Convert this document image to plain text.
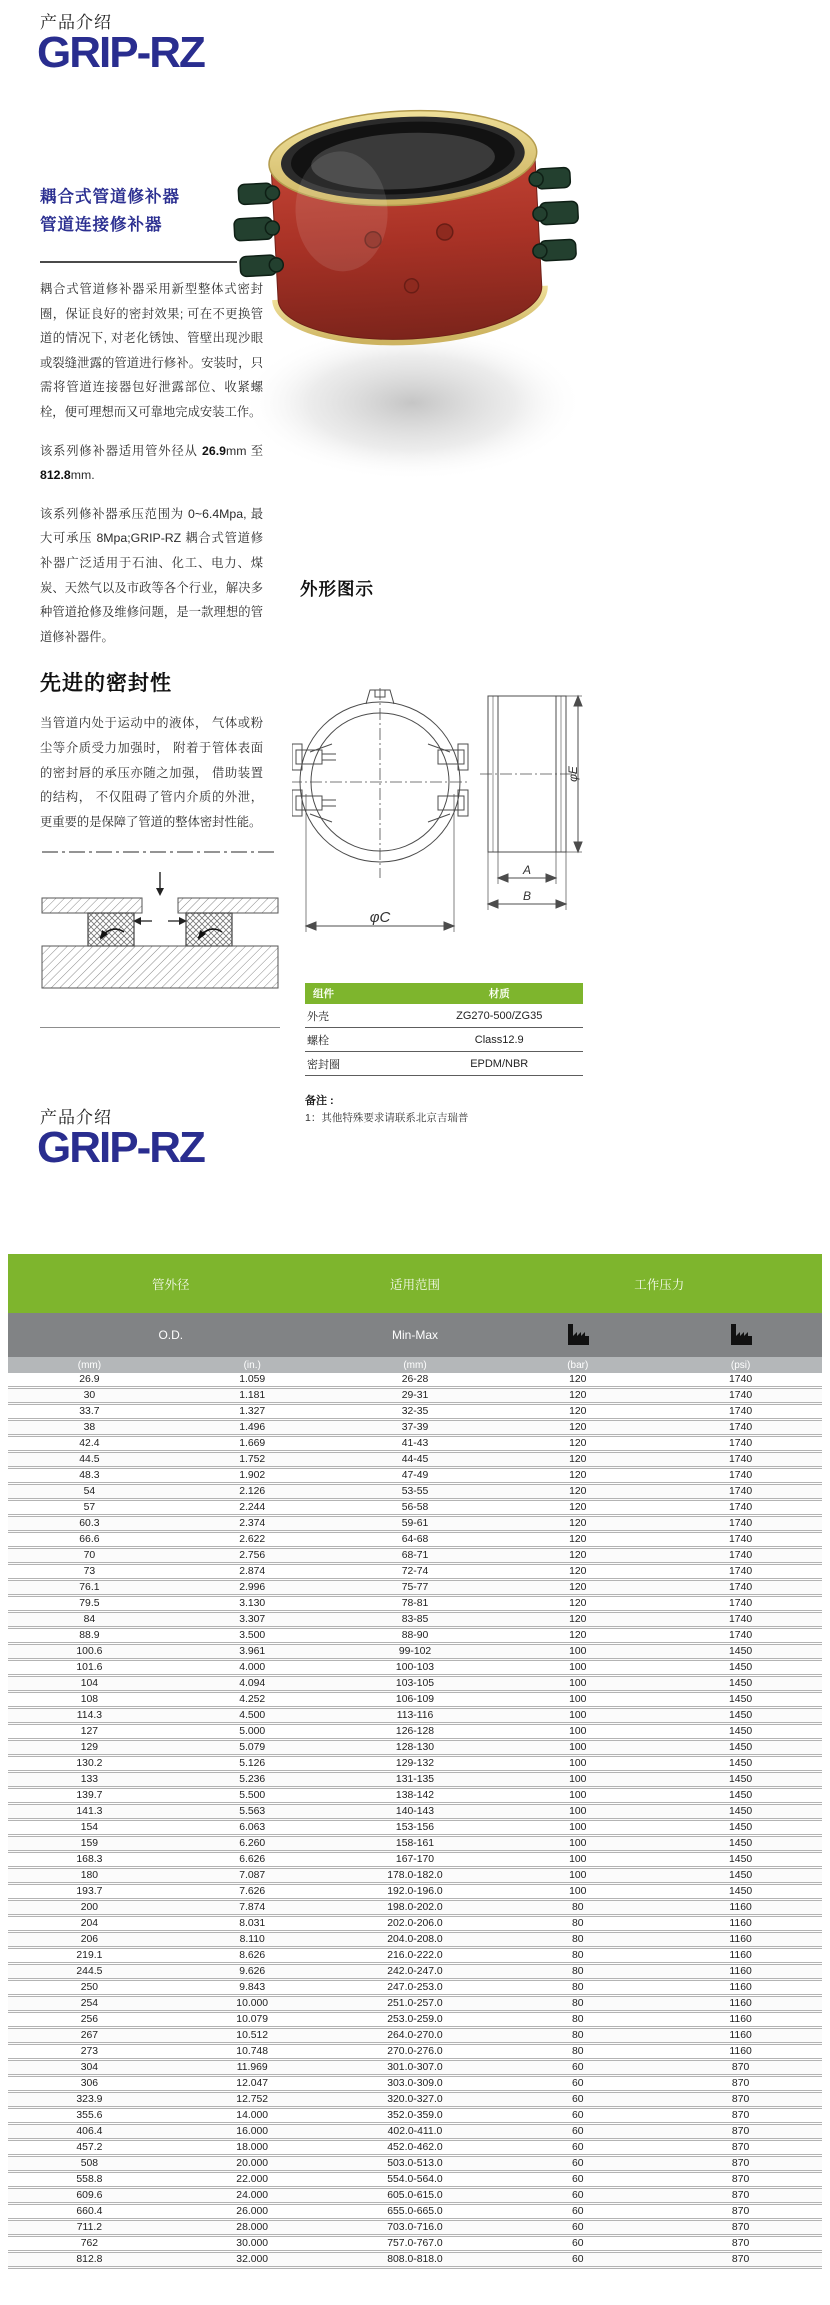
产品介绍
GRIP-RZ
耦合式管道修补器
管道连接修补器

耦合式管道修补器采用新型整体式密封圈，保证良好的密封效果; 可在不更换管道的情况下, 对老化锈蚀、管壁出现沙眼或裂缝泄露的管道进行修补。安装时，只需将管道连接器包好泄露部位、收紧螺栓，便可理想而又可靠地完成安装工作。

该系列修补器适用管外径从 26.9mm 至 812.8mm.

该系列修补器承压范围为 0~6.4Mpa, 最大可承压 8Mpa;GRIP-RZ 耦合式管道修补器广泛适用于石油、化工、电力、煤炭、天然气以及市政等各个行业，解决多种管道抢修及维修问题，是一款理想的管道修补器件。

先进的密封性

当管道内处于运动中的液体， 气体或粉尘等介质受力加强时， 附着于管体表面的密封唇的承压亦随之加强， 借助装置的结构， 不仅阻碍了管内介质的外泄， 更重要的是保障了管道的整体密封性能。

外形图示
φC
φE
A
B
组件	材质
外壳	ZG270-500/ZG35
螺栓	Class12.9
密封圈	EPDM/NBR
备注 :
1：其他特殊要求请联系北京吉瑞普
产品介绍
GRIP-RZ
管外径		适用范围	工作压力	
O.D.		Min-Max		
(mm)	(in.)	(mm)	(bar)	(psi)
26.9	1.059	26-28	120	1740
30	1.181	29-31	120	1740
33.7	1.327	32-35	120	1740
38	1.496	37-39	120	1740
42.4	1.669	41-43	120	1740
44.5	1.752	44-45	120	1740
48.3	1.902	47-49	120	1740
54	2.126	53-55	120	1740
57	2.244	56-58	120	1740
60.3	2.374	59-61	120	1740
66.6	2.622	64-68	120	1740
70	2.756	68-71	120	1740
73	2.874	72-74	120	1740
76.1	2.996	75-77	120	1740
79.5	3.130	78-81	120	1740
84	3.307	83-85	120	1740
88.9	3.500	88-90	120	1740
100.6	3.961	99-102	100	1450
101.6	4.000	100-103	100	1450
104	4.094	103-105	100	1450
108	4.252	106-109	100	1450
114.3	4.500	113-116	100	1450
127	5.000	126-128	100	1450
129	5.079	128-130	100	1450
130.2	5.126	129-132	100	1450
133	5.236	131-135	100	1450
139.7	5.500	138-142	100	1450
141.3	5.563	140-143	100	1450
154	6.063	153-156	100	1450
159	6.260	158-161	100	1450
168.3	6.626	167-170	100	1450
180	7.087	178.0-182.0	100	1450
193.7	7.626	192.0-196.0	100	1450
200	7.874	198.0-202.0	80	1160
204	8.031	202.0-206.0	80	1160
206	8.110	204.0-208.0	80	1160
219.1	8.626	216.0-222.0	80	1160
244.5	9.626	242.0-247.0	80	1160
250	9.843	247.0-253.0	80	1160
254	10.000	251.0-257.0	80	1160
256	10.079	253.0-259.0	80	1160
267	10.512	264.0-270.0	80	1160
273	10.748	270.0-276.0	80	1160
304	11.969	301.0-307.0	60	870
306	12.047	303.0-309.0	60	870
323.9	12.752	320.0-327.0	60	870
355.6	14.000	352.0-359.0	60	870
406.4	16.000	402.0-411.0	60	870
457.2	18.000	452.0-462.0	60	870
508	20.000	503.0-513.0	60	870
558.8	22.000	554.0-564.0	60	870
609.6	24.000	605.0-615.0	60	870
660.4	26.000	655.0-665.0	60	870
711.2	28.000	703.0-716.0	60	870
762	30.000	757.0-767.0	60	870
812.8	32.000	808.0-818.0	60	870
